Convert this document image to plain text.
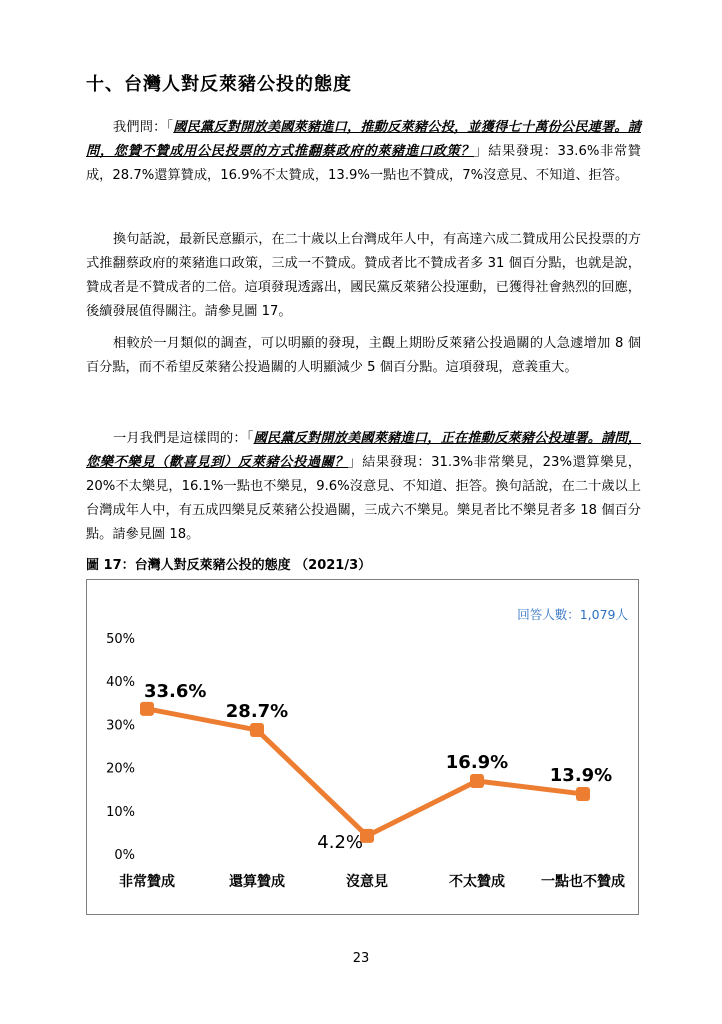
十、台灣人對反萊豬公投的態度
我們問：「國民黨反對開放美國萊豬進口，推動反萊豬公投，並獲得七十萬份公民連署。請問，您贊不贊成用公民投票的方式推翻蔡政府的萊豬進口政策？」結果發現：33.6%非常贊成，28.7%還算贊成，16.9%不太贊成，13.9%一點也不贊成，7%沒意見、不知道、拒答。
換句話說，最新民意顯示，在二十歲以上台灣成年人中，有高達六成二贊成用公民投票的方式推翻蔡政府的萊豬進口政策，三成一不贊成。贊成者比不贊成者多 31 個百分點，也就是說，贊成者是不贊成者的二倍。這項發現透露出，國民黨反萊豬公投運動，已獲得社會熱烈的回應，後續發展值得關注。請參見圖 17。
相較於一月類似的調查，可以明顯的發現，主觀上期盼反萊豬公投過關的人急遽增加 8 個百分點，而不希望反萊豬公投過關的人明顯減少 5 個百分點。這項發現，意義重大。
一月我們是這樣問的：「國民黨反對開放美國萊豬進口，正在推動反萊豬公投連署。請問，您樂不樂見（歡喜見到）反萊豬公投過關？」結果發現：31.3%非常樂見，23%還算樂見，20%不太樂見，16.1%一點也不樂見，9.6%沒意見、不知道、拒答。換句話說，在二十歲以上台灣成年人中，有五成四樂見反萊豬公投過關，三成六不樂見。樂見者比不樂見者多 18 個百分點。請參見圖 18。
圖 17：台灣人對反萊豬公投的態度 （2021/3）
0%
10%
20%
30%
40%
50%
非常贊成	還算贊成	沒意見	不太贊成	一點也不贊成
33.6%
28.7%
4.2%
16.9%
13.9%
回答人數：1,079人
23
